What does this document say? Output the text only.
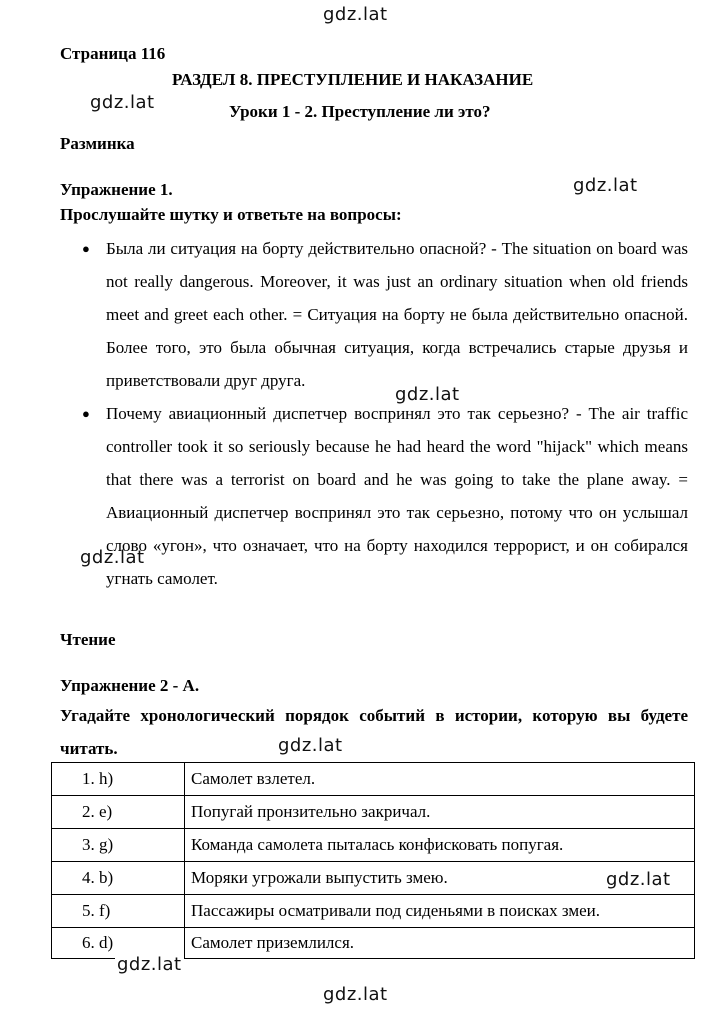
Страница 116
РАЗДЕЛ 8. ПРЕСТУПЛЕНИЕ И НАКАЗАНИЕ
Уроки 1 - 2. Преступление ли это?
Разминка
Упражнение 1.
Прослушайте шутку и ответьте на вопросы:
● Была ли ситуация на борту действительно опасной? - The situation on board was not really dangerous. Moreover, it was just an ordinary situation when old friends meet and greet each other. = Ситуация на борту не была действительно опасной. Более того, это была обычная ситуация, когда встречались старые друзья и приветствовали друг друга.
● Почему авиационный диспетчер воспринял это так серьезно? - The air traffic controller took it so seriously because he had heard the word "hijack" which means that there was a terrorist on board and he was going to take the plane away. = Авиационный диспетчер воспринял это так серьезно, потому что он услышал слово «угон», что означает, что на борту находился террорист, и он собирался угнать самолет.
Чтение
Упражнение 2 - А.
Угадайте хронологический порядок событий в истории, которую вы будете читать.
1. h)	Самолет взлетел.
2. e)	Попугай пронзительно закричал.
3. g)	Команда самолета пыталась конфисковать попугая.
4. b)	Моряки угрожали выпустить змею.
5. f)	Пассажиры осматривали под сиденьями в поисках змеи.
6. d)	Самолет приземлился.
gdz.lat
gdz.lat
gdz.lat
gdz.lat
gdz.lat
gdz.lat
gdz.lat
gdz.lat
gdz.lat
